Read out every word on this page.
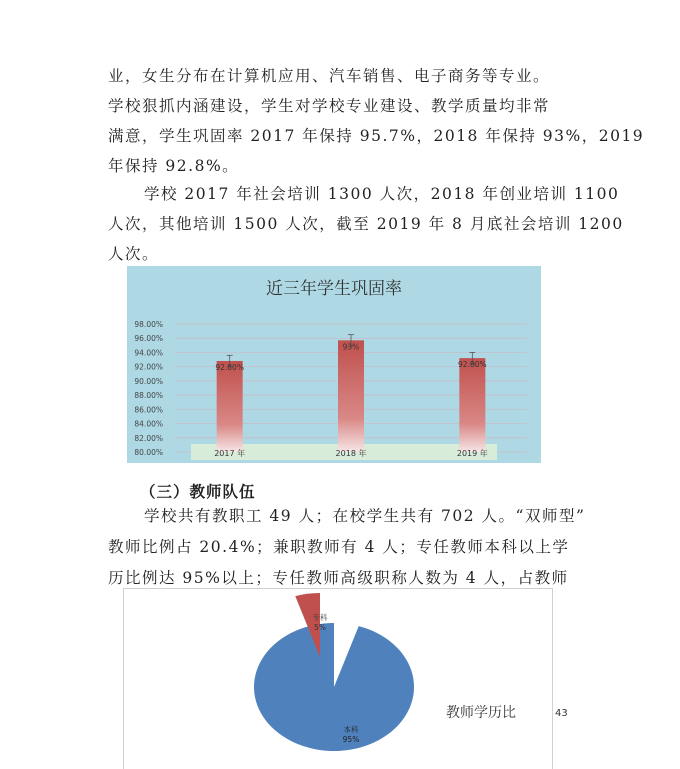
业，女生分布在计算机应用、汽车销售、电子商务等专业。
学校狠抓内涵建设，学生对学校专业建设、教学质量均非常
满意，学生巩固率 2017 年保持 95.7%，2018 年保持 93%，2019
年保持 92.8%。
学校 2017 年社会培训 1300 人次，2018 年创业培训 1100
人次，其他培训 1500 人次，截至 2019 年 8 月底社会培训 1200
人次。
80.00%
82.00%
84.00%
86.00%
88.00%
90.00%
92.00%
94.00%
96.00%
98.00%
92.80%
2017 年
93%
2018 年
92.80%
2019 年
近三年学生巩固率
（三）教师队伍
学校共有教职工 49 人；在校学生共有 702 人。“双师型”
教师比例占 20.4%；兼职教师有 4 人；专任教师本科以上学
历比例达 95%以上；专任教师高级职称人数为 4 人，占教师
专科
5%
本科
95%
教师学历比	43
